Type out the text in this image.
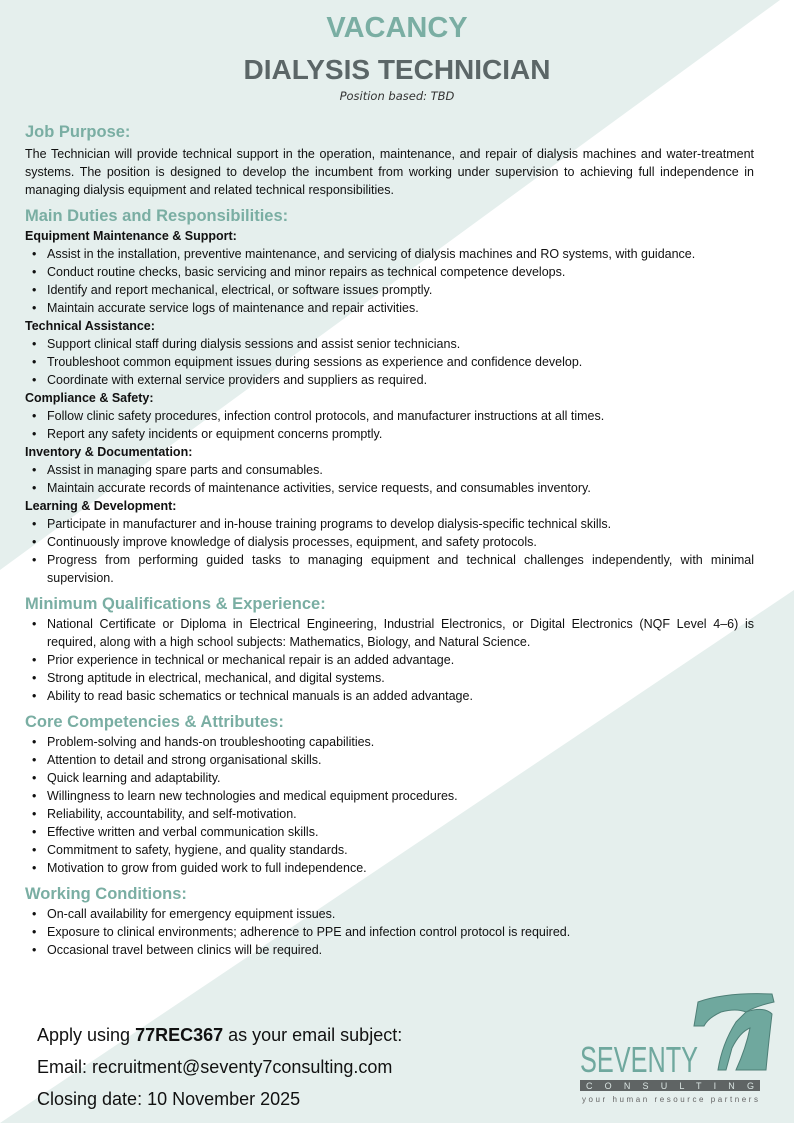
VACANCY
DIALYSIS TECHNICIAN
Position based: TBD
Job Purpose:

The Technician will provide technical support in the operation, maintenance, and repair of dialysis machines and water-treatment systems. The position is designed to develop the incumbent from working under supervision to achieving full independence in managing dialysis equipment and related technical responsibilities.

Main Duties and Responsibilities:
Equipment Maintenance & Support:
• Assist in the installation, preventive maintenance, and servicing of dialysis machines and RO systems, with guidance.
• Conduct routine checks, basic servicing and minor repairs as technical competence develops.
• Identify and report mechanical, electrical, or software issues promptly.
• Maintain accurate service logs of maintenance and repair activities.
Technical Assistance:
• Support clinical staff during dialysis sessions and assist senior technicians.
• Troubleshoot common equipment issues during sessions as experience and confidence develop.
• Coordinate with external service providers and suppliers as required.
Compliance & Safety:
• Follow clinic safety procedures, infection control protocols, and manufacturer instructions at all times.
• Report any safety incidents or equipment concerns promptly.
Inventory & Documentation:
• Assist in managing spare parts and consumables.
• Maintain accurate records of maintenance activities, service requests, and consumables inventory.
Learning & Development:
• Participate in manufacturer and in-house training programs to develop dialysis-specific technical skills.
• Continuously improve knowledge of dialysis processes, equipment, and safety protocols.
• Progress from performing guided tasks to managing equipment and technical challenges independently, with minimal supervision.
Minimum Qualifications & Experience:
• National Certificate or Diploma in Electrical Engineering, Industrial Electronics, or Digital Electronics (NQF Level 4–6) is required, along with a high school subjects: Mathematics, Biology, and Natural Science.
• Prior experience in technical or mechanical repair is an added advantage.
• Strong aptitude in electrical, mechanical, and digital systems.
• Ability to read basic schematics or technical manuals is an added advantage.
Core Competencies & Attributes:
• Problem-solving and hands-on troubleshooting capabilities.
• Attention to detail and strong organisational skills.
• Quick learning and adaptability.
• Willingness to learn new technologies and medical equipment procedures.
• Reliability, accountability, and self-motivation.
• Effective written and verbal communication skills.
• Commitment to safety, hygiene, and quality standards.
• Motivation to grow from guided work to full independence.
Working Conditions:
• On-call availability for emergency equipment issues.
• Exposure to clinical environments; adherence to PPE and infection control protocol is required.
• Occasional travel between clinics will be required.
Apply using 77REC367 as your email subject:
Email: recruitment@seventy7consulting.com
Closing date: 10 November 2025
SEVENTY
CONSULTING
your human resource partners
